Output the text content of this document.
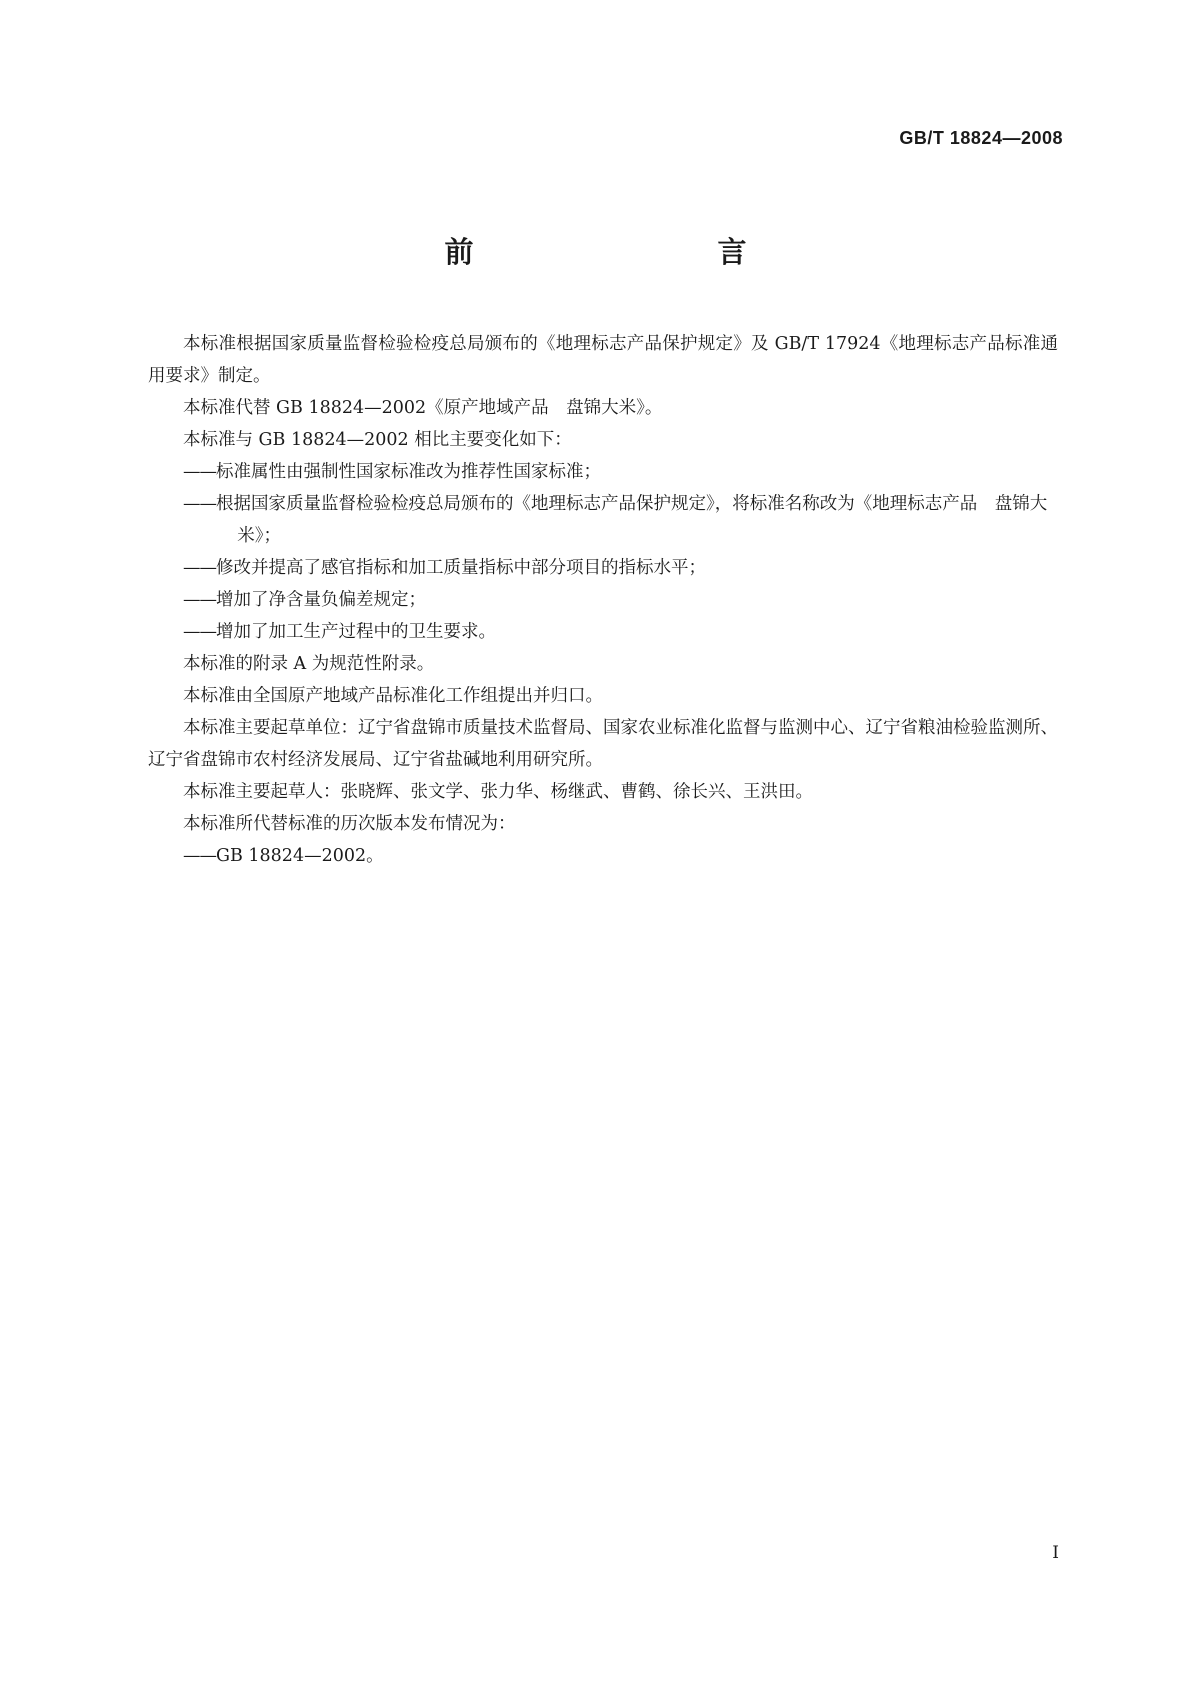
GB/T 18824—2008
前　　言

本标准根据国家质量监督检验检疫总局颁布的《地理标志产品保护规定》及 GB/T 17924《地理标志产品标准通用要求》制定。

本标准代替 GB 18824—2002《原产地域产品　盘锦大米》。

本标准与 GB 18824—2002 相比主要变化如下：

——标准属性由强制性国家标准改为推荐性国家标准；

——根据国家质量监督检验检疫总局颁布的《地理标志产品保护规定》，将标准名称改为《地理标志产品　盘锦大米》；

——修改并提高了感官指标和加工质量指标中部分项目的指标水平；

——增加了净含量负偏差规定；

——增加了加工生产过程中的卫生要求。

本标准的附录 A 为规范性附录。

本标准由全国原产地域产品标准化工作组提出并归口。

本标准主要起草单位：辽宁省盘锦市质量技术监督局、国家农业标准化监督与监测中心、辽宁省粮油检验监测所、辽宁省盘锦市农村经济发展局、辽宁省盐碱地利用研究所。

本标准主要起草人：张晓辉、张文学、张力华、杨继武、曹鹤、徐长兴、王洪田。

本标准所代替标准的历次版本发布情况为：

——GB 18824—2002。

I
